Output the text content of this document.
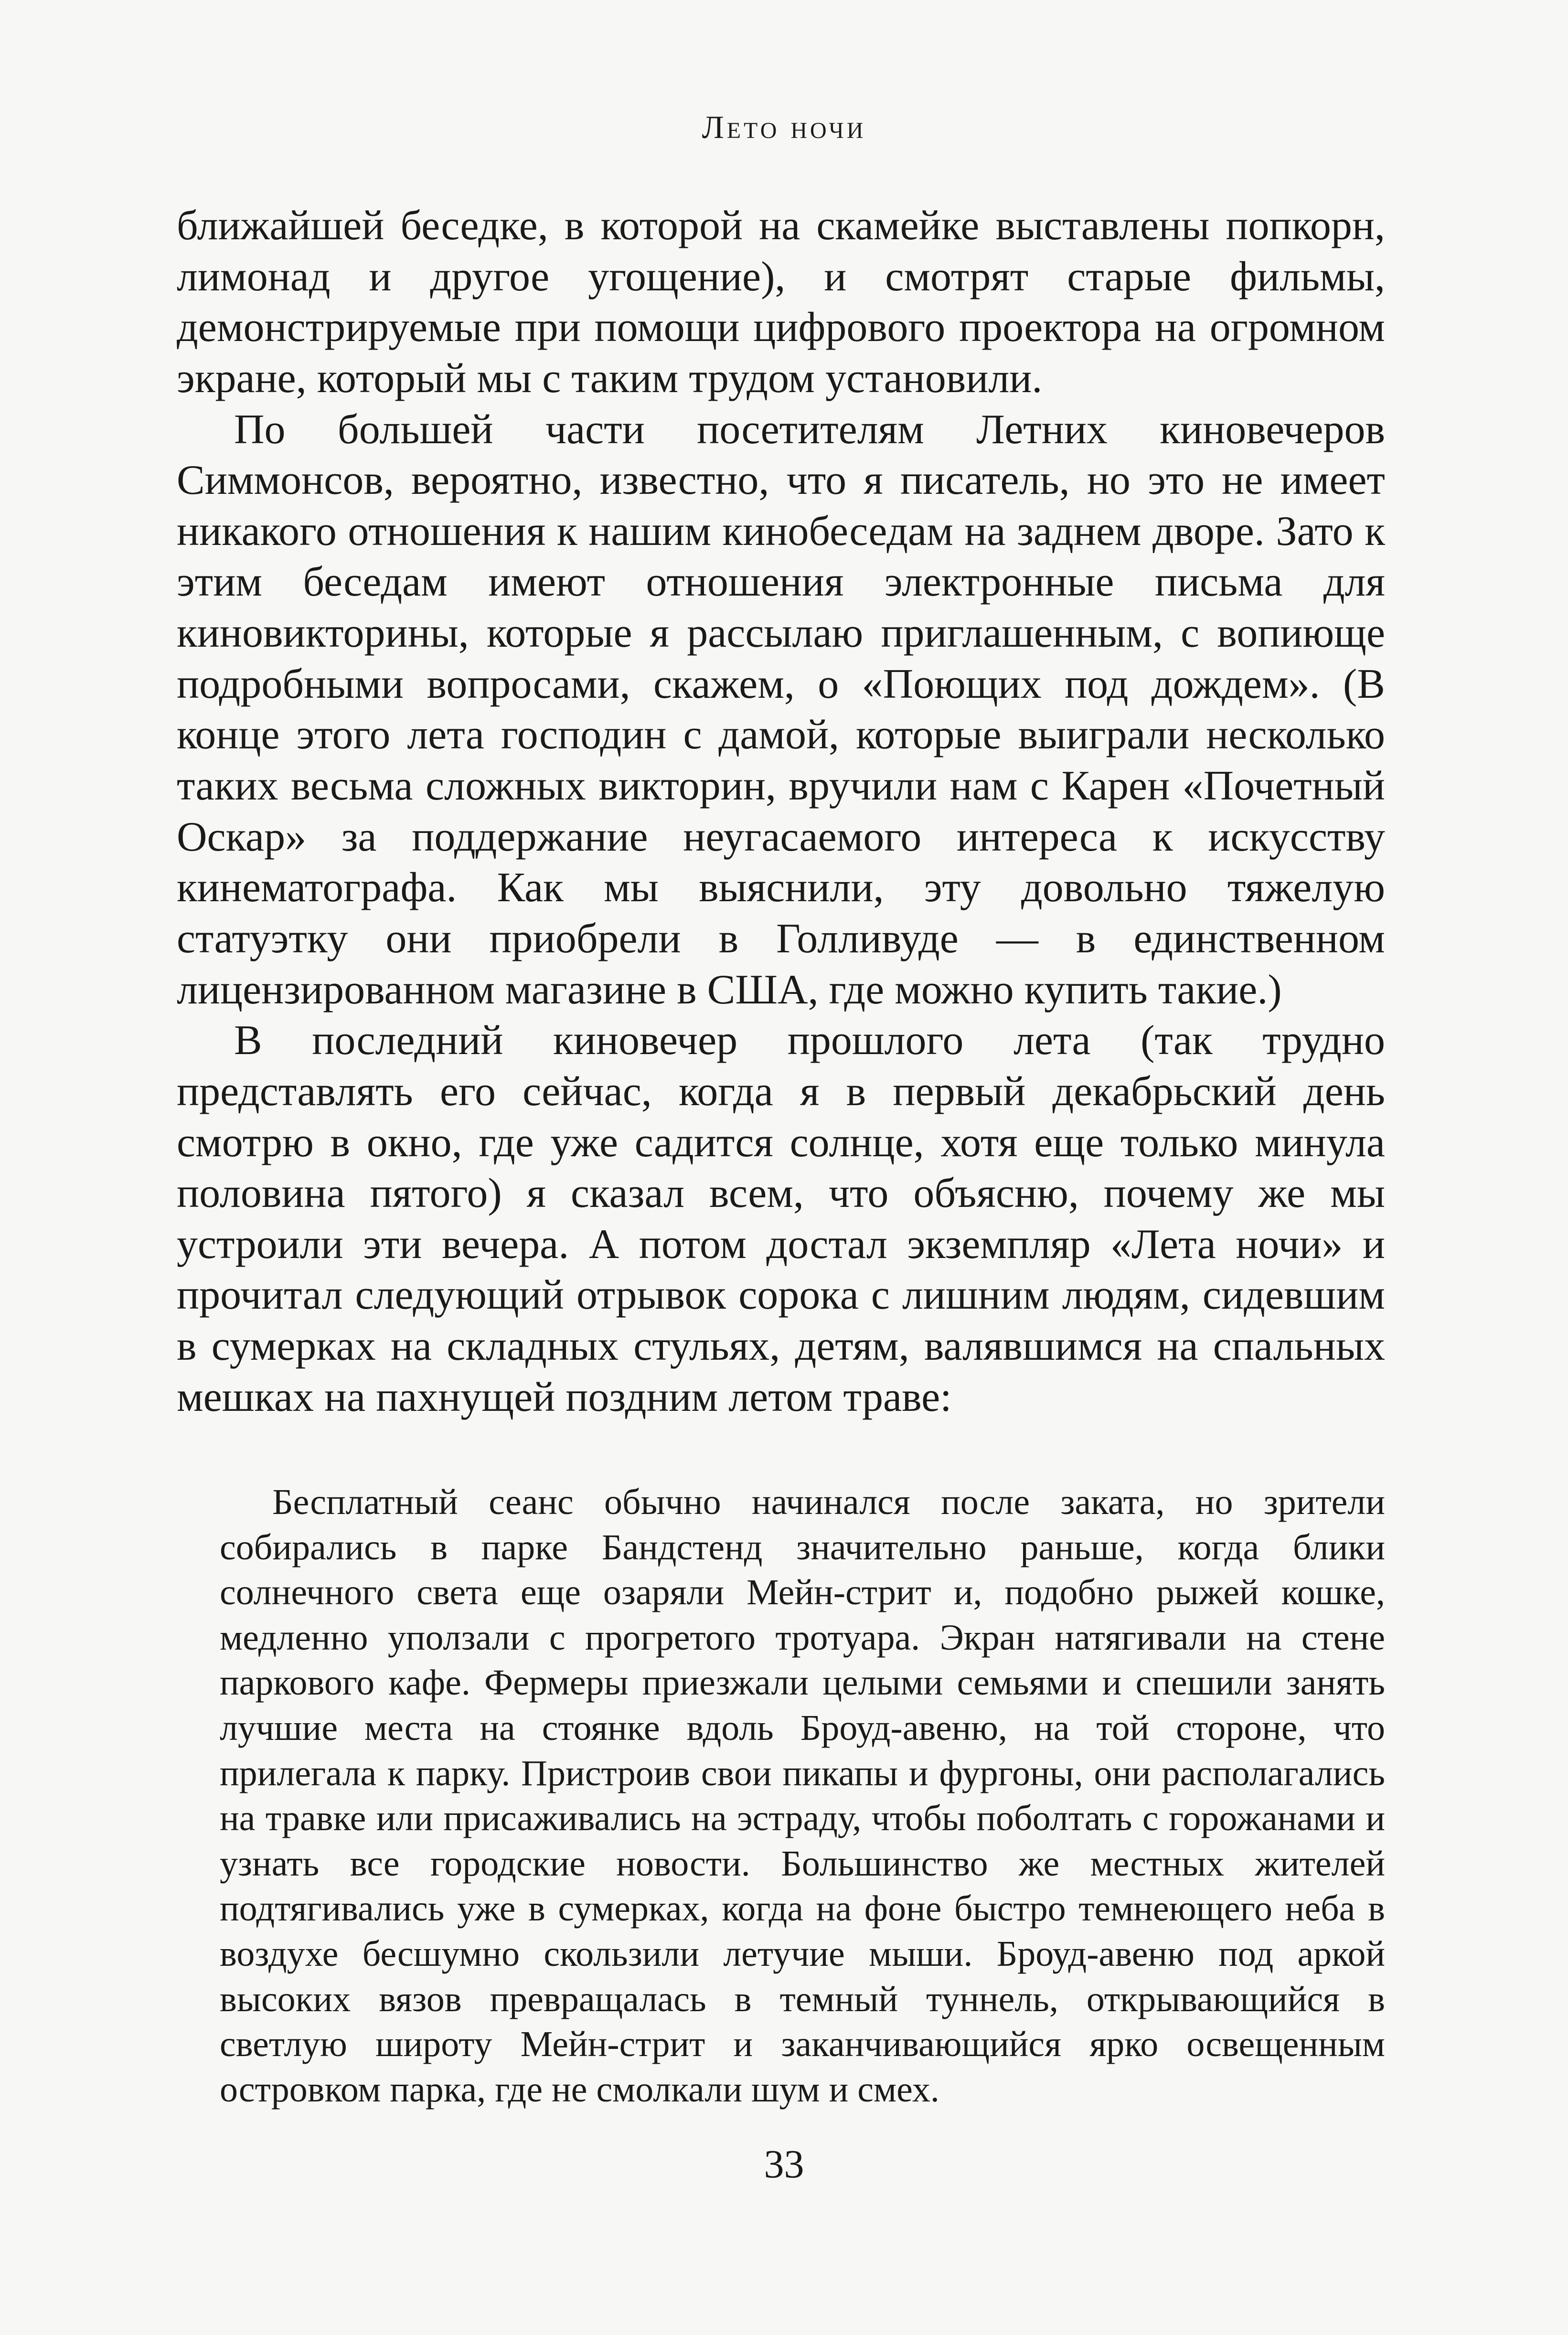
Лето ночи

ближайшей беседке, в которой на скамейке выставлены попкорн, лимонад и другое угощение), и смотрят старые фильмы, демонстрируемые при помощи цифрового проектора на огромном экране, который мы с таким трудом установили.

По большей части посетителям Летних киновечеров Симмонсов, вероятно, известно, что я писатель, но это не имеет никакого отношения к нашим кинобеседам на заднем дворе. Зато к этим беседам имеют отношения электронные письма для киновикторины, которые я рассылаю приглашенным, с вопиюще подробными вопросами, скажем, о «Поющих под дождем». (В конце этого лета господин с дамой, которые выиграли несколько таких весьма сложных викторин, вручили нам с Карен «Почетный Оскар» за поддержание неугасаемого интереса к искусству кинематографа. Как мы выяснили, эту довольно тяжелую статуэтку они приобрели в Голливуде — в единственном лицензированном магазине в США, где можно купить такие.)

В последний киновечер прошлого лета (так трудно представлять его сейчас, когда я в первый декабрьский день смотрю в окно, где уже садится солнце, хотя еще только минула половина пятого) я сказал всем, что объясню, почему же мы устроили эти вечера. А потом достал экземпляр «Лета ночи» и прочитал следующий отрывок сорока с лишним людям, сидевшим в сумерках на складных стульях, детям, валявшимся на спальных мешках на пахнущей поздним летом траве:

Бесплатный сеанс обычно начинался после заката, но зрители собирались в парке Бандстенд значительно раньше, когда блики солнечного света еще озаряли Мейн-стрит и, подобно рыжей кошке, медленно уползали с прогретого тротуара. Экран натягивали на стене паркового кафе. Фермеры приезжали целыми семьями и спешили занять лучшие места на стоянке вдоль Броуд-авеню, на той стороне, что прилегала к парку. Пристроив свои пикапы и фургоны, они располагались на травке или присаживались на эстраду, чтобы поболтать с горожанами и узнать все городские новости. Большинство же местных жителей подтягивались уже в сумерках, когда на фоне быстро темнеющего неба в воздухе бесшумно скользили летучие мыши. Броуд-авеню под аркой высоких вязов превращалась в темный туннель, открывающийся в светлую широту Мейн-стрит и заканчивающийся ярко освещенным островком парка, где не смолкали шум и смех.

33
